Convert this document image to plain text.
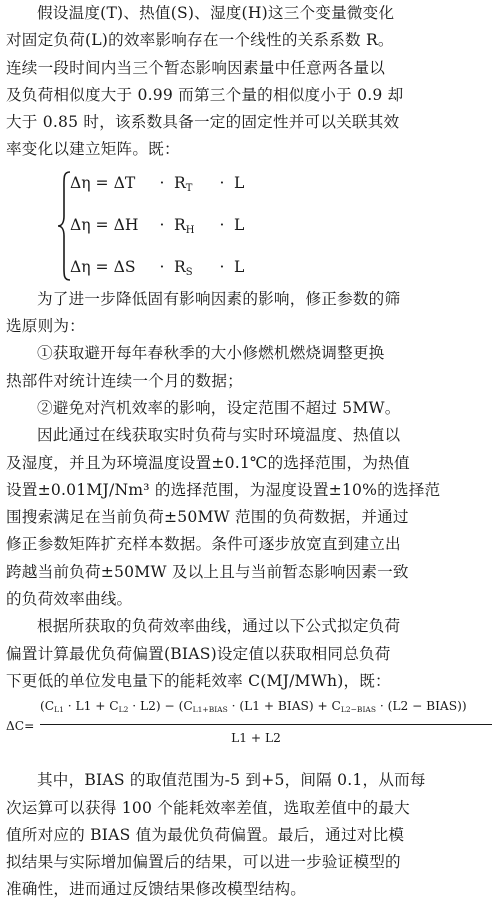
假设温度(T)、热值(S)、湿度(H)这三个变量微变化
对固定负荷(L)的效率影响存在一个线性的关系系数 R。
连续一段时间内当三个暂态影响因素量中任意两各量以
及负荷相似度大于 0.99 而第三个量的相似度小于 0.9 却
大于 0.85 时，该系数具备一定的固定性并可以关联其效
率变化以建立矩阵。既：

$\Delta\eta = \Delta T \cdot R_T \cdot L$
$\Delta\eta = \Delta H \cdot R_H \cdot L$
$\Delta\eta = \Delta S \cdot R_S \cdot L$

为了进一步降低固有影响因素的影响，修正参数的筛
选原则为：

①获取避开每年春秋季的大小修燃机燃烧调整更换
热部件对统计连续一个月的数据；

②避免对汽机效率的影响，设定范围不超过 5MW。

因此通过在线获取实时负荷与实时环境温度、热值以
及湿度，并且为环境温度设置±0.1℃的选择范围，为热值
设置±0.01MJ/Nm³ 的选择范围，为湿度设置±10%的选择范
围搜索满足在当前负荷±50MW 范围的负荷数据，并通过
修正参数矩阵扩充样本数据。条件可逐步放宽直到建立出
跨越当前负荷±50MW 及以上且与当前暂态影响因素一致
的负荷效率曲线。

根据所获取的负荷效率曲线，通过以下公式拟定负荷
偏置计算最优负荷偏置(BIAS)设定值以获取相同总负荷
下更低的单位发电量下的能耗效率 C(MJ/MWh)，既：

ΔC=
$(C_{L1} \cdot L1 + C_{L2} \cdot L2) - (C_{L1+BIAS} \cdot (L1$ + BIAS) + $C_{L2-BIAS} \cdot (L2$ − BIAS))
L1 + L2

其中，BIAS 的取值范围为-5 到+5，间隔 0.1，从而每
次运算可以获得 100 个能耗效率差值，选取差值中的最大
值所对应的 BIAS 值为最优负荷偏置。最后，通过对比模
拟结果与实际增加偏置后的结果，可以进一步验证模型的
准确性，进而通过反馈结果修改模型结构。
